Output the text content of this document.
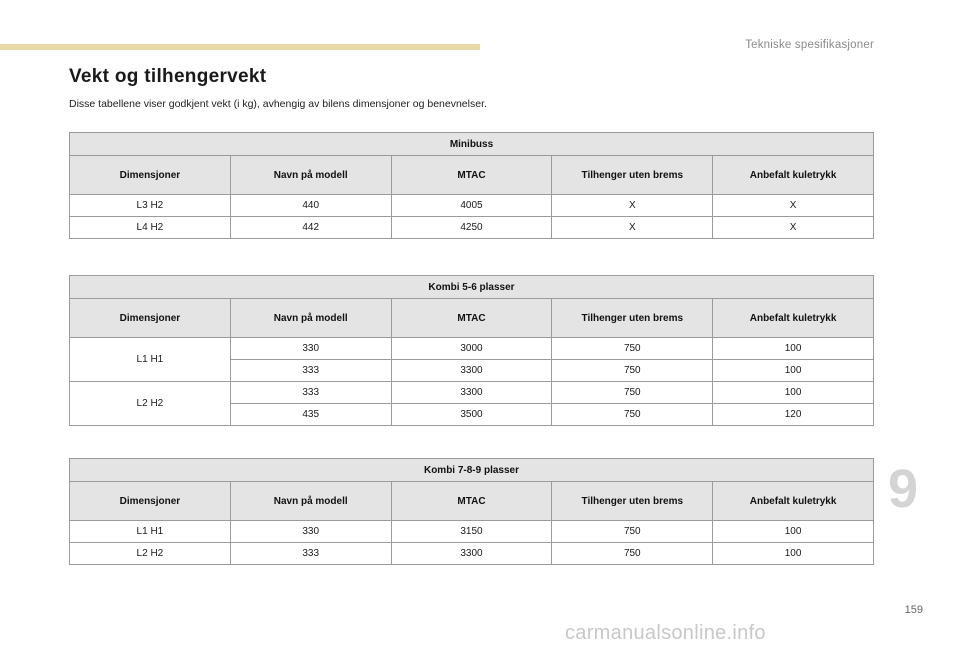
Tekniske spesifikasjoner
Vekt og tilhengervekt

Disse tabellene viser godkjent vekt (i kg), avhengig av bilens dimensjoner og benevnelser.

Minibuss				
Dimensjoner	Navn på modell	MTAC	Tilhenger uten brems	Anbefalt kuletrykk
L3 H2	440	4005	X	X
L4 H2	442	4250	X	X
Kombi 5-6 plasser				
Dimensjoner	Navn på modell	MTAC	Tilhenger uten brems	Anbefalt kuletrykk
L1 H1	330	3000	750	100
	333	3300	750	100
L2 H2	333	3300	750	100
	435	3500	750	120
Kombi 7-8-9 plasser				
Dimensjoner	Navn på modell	MTAC	Tilhenger uten brems	Anbefalt kuletrykk
L1 H1	330	3150	750	100
L2 H2	333	3300	750	100
9
159
carmanualsonline.info
